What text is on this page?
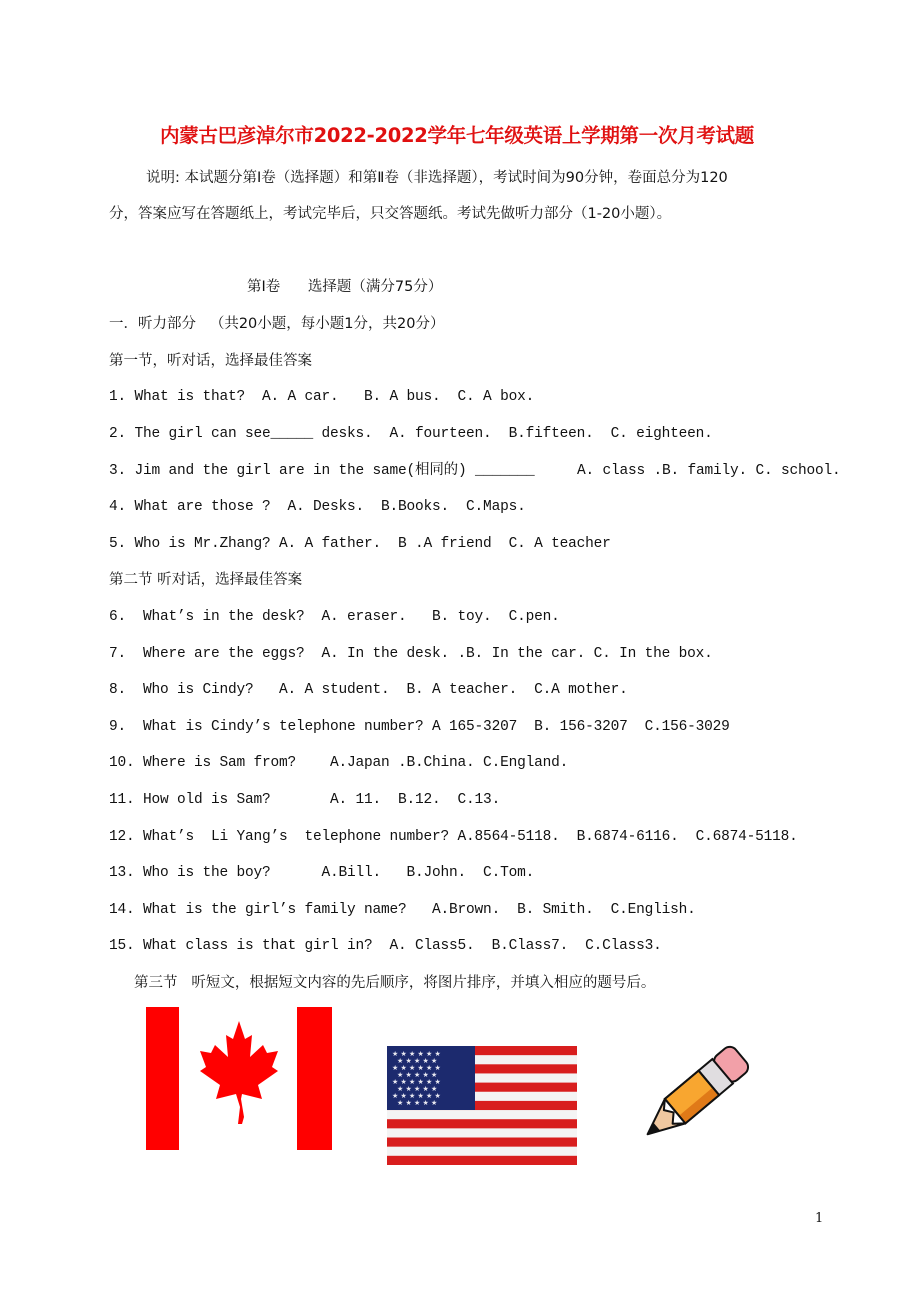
内蒙古巴彦淖尔市2022-2022学年七年级英语上学期第一次月考试题
说明: 本试题分第Ⅰ卷（选择题）和第Ⅱ卷（非选择题），考试时间为90分钟，卷面总分为120
分，答案应写在答题纸上，考试完毕后，只交答题纸。考试先做听力部分（1-20小题）。
第Ⅰ卷      选择题（满分75分）
一．听力部分   （共20小题，每小题1分，共20分）
第一节，听对话，选择最佳答案
1. What is that?  A. A car.   B. A bus.  C. A box.
2. The girl can see_____ desks.  A. fourteen.  B.fifteen.  C. eighteen.
3. Jim and the girl are in the same(相同的) _______     A. class .B. family. C. school.
4. What are those ?  A. Desks.  B.Books.  C.Maps.
5. Who is Mr.Zhang? A. A father.  B .A friend  C. A teacher
第二节 听对话，选择最佳答案
6.  What’s in the desk?  A. eraser.   B. toy.  C.pen.
7.  Where are the eggs?  A. In the desk. .B. In the car. C. In the box.
8.  Who is Cindy?   A. A student.  B. A teacher.  C.A mother.
9.  What is Cindy’s telephone number? A 165-3207  B. 156-3207  C.156-3029
10. Where is Sam from?    A.Japan .B.China. C.England.
11. How old is Sam?       A. 11.  B.12.  C.13.
12. What’s  Li Yang’s  telephone number? A.8564-5118.  B.6874-6116.  C.6874-5118.
13. Who is the boy?      A.Bill.   B.John.  C.Tom.
14. What is the girl’s family name?   A.Brown.  B. Smith.  C.English.
15. What class is that girl in?  A. Class5.  B.Class7.  C.Class3.
第三节   听短文，根据短文内容的先后顺序，将图片排序，并填入相应的题号后。
★ ★ ★ ★ ★ ★
★ ★ ★ ★ ★
★ ★ ★ ★ ★ ★
★ ★ ★ ★ ★
★ ★ ★ ★ ★ ★
★ ★ ★ ★ ★
★ ★ ★ ★ ★ ★
★ ★ ★ ★ ★
1
